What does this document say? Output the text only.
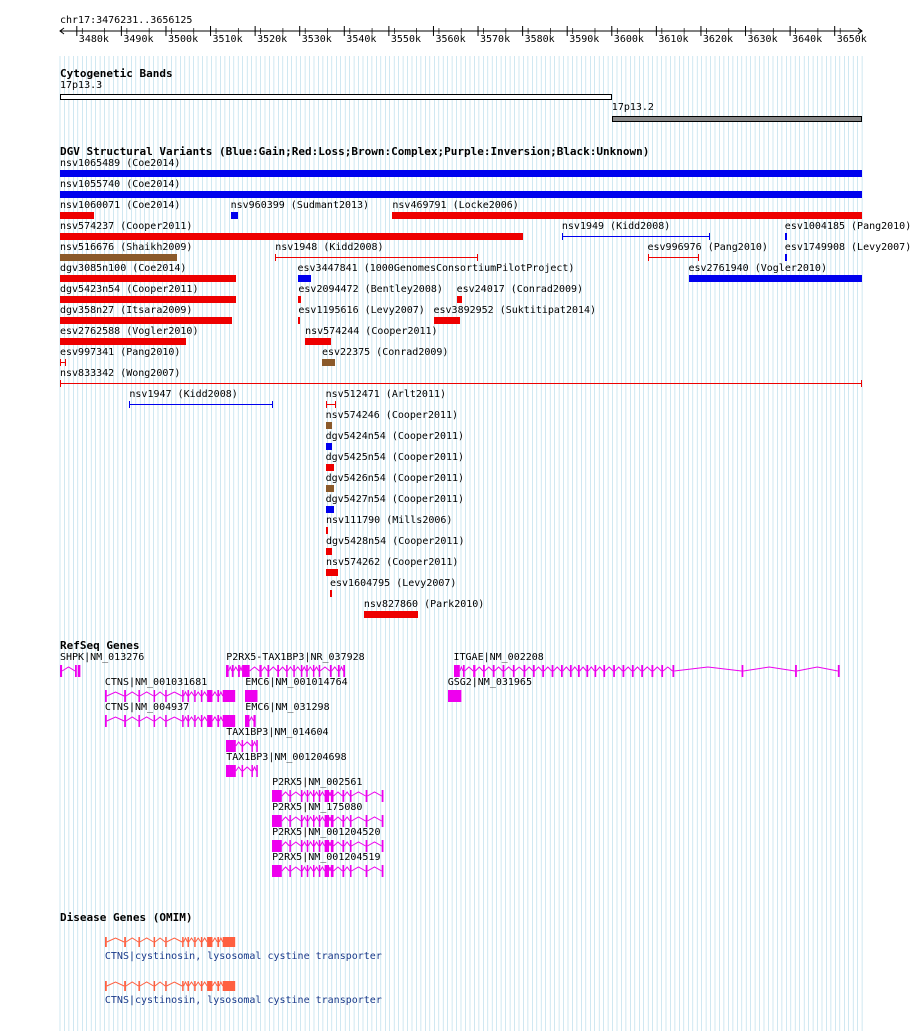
chr17:3476231..3656125
Cytogenetic Bands
17p13.3
17p13.2
DGV Structural Variants (Blue:Gain;Red:Loss;Brown:Complex;Purple:Inversion;Black:Unknown)
nsv1065489 (Coe2014)
nsv1055740 (Coe2014)
nsv1060071 (Coe2014)	nsv960399 (Sudmant2013) nsv469791 (Locke2006)
nsv574237 (Cooper2011)	nsv1949 (Kidd2008)	esv1004185 (Pang2010)
nsv516676 (Shaikh2009)	nsv1948 (Kidd2008)	esv996976 (Pang2010) esv1749908 (Levy2007)
dgv3085n100 (Coe2014)	esv3447841 (1000GenomesConsortiumPilotProject)	esv2761940 (Vogler2010)
dgv5423n54 (Cooper2011)	esv2094472 (Bentley2008) esv24017 (Conrad2009)
dgv358n27 (Itsara2009)	esv1195616 (Levy2007) esv3892952 (Suktitipat2014)
esv2762588 (Vogler2010)	nsv574244 (Cooper2011)
esv997341 (Pang2010)	esv22375 (Conrad2009)
nsv833342 (Wong2007)
nsv1947 (Kidd2008)	nsv512471 (Arlt2011)
nsv574246 (Cooper2011)
dgv5424n54 (Cooper2011)
dgv5425n54 (Cooper2011)
dgv5426n54 (Cooper2011)
dgv5427n54 (Cooper2011)
nsv111790 (Mills2006)
dgv5428n54 (Cooper2011)
nsv574262 (Cooper2011)
esv1604795 (Levy2007)
nsv827860 (Park2010)
RefSeq Genes
SHPK|NM_013276	P2RX5-TAX1BP3|NR_037928	ITGAE|NM_002208
CTNS|NM_001031681	EMC6|NM_001014764	GSG2|NM_031965
CTNS|NM_004937	EMC6|NM_031298
TAX1BP3|NM_014604
TAX1BP3|NM_001204698
P2RX5|NM_002561
P2RX5|NM_175080
P2RX5|NM_001204520
P2RX5|NM_001204519
Disease Genes (OMIM)
CTNS|cystinosin, lysosomal cystine transporter
CTNS|cystinosin, lysosomal cystine transporter
3480k 3490k 3500k 3510k 3520k 3530k 3540k 3550k 3560k 3570k 3580k 3590k 3600k 3610k 3620k 3630k 3640k 3650k
